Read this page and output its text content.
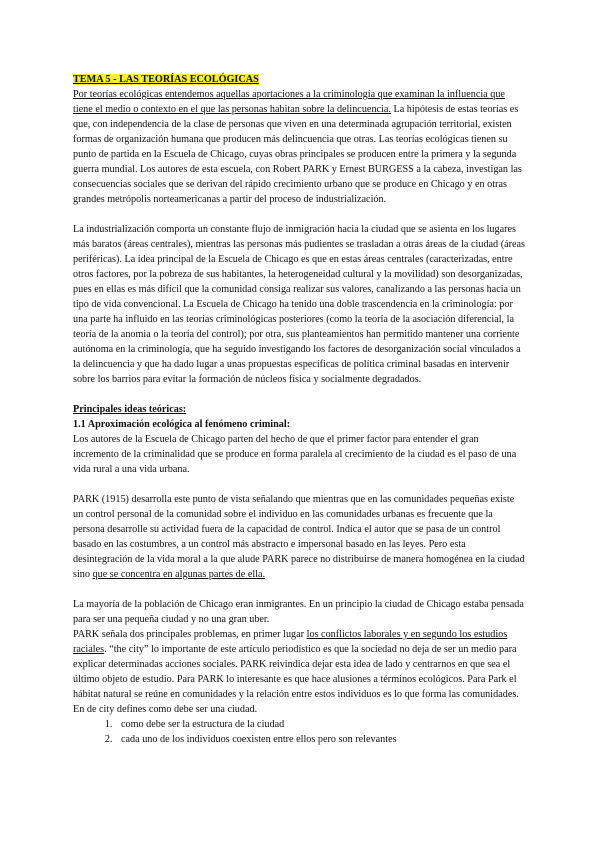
TEMA 5 - LAS TEORÍAS ECOLÓGICAS

Por teorías ecológicas entendemos aquellas aportaciones a la criminología que examinan la influencia que tiene el medio o contexto en el que las personas habitan sobre la delincuencia. La hipótesis de estas teorías es que, con independencia de la clase de personas que viven en una determinada agrupación territorial, existen formas de organización humana que producen más delincuencia que otras. Las teorías ecológicas tienen su punto de partida en la Escuela de Chicago, cuyas obras principales se producen entre la primera y la segunda guerra mundial. Los autores de esta escuela, con Robert PARK y Ernest BURGESS a la cabeza, investigan las consecuencias sociales que se derivan del rápido crecimiento urbano que se produce en Chicago y en otras grandes metrópolis norteamericanas a partir del proceso de industrialización.

La industrialización comporta un constante flujo de inmigración hacia la ciudad que se asienta en los lugares más baratos (áreas centrales), mientras las personas más pudientes se trasladan a otras áreas de la ciudad (áreas periféricas). La idea principal de la Escuela de Chicago es que en estas áreas centrales (caracterizadas, entre otros factores, por la pobreza de sus habitantes, la heterogeneidad cultural y la movilidad) son desorganizadas, pues en ellas es más difícil que la comunidad consiga realizar sus valores, canalizando a las personas hacia un tipo de vida convencional. La Escuela de Chicago ha tenido una doble trascendencia en la criminología: por una parte ha influido en las teorías criminológicas posteriores (como la teoría de la asociación diferencial, la teoría de la anomia o la teoría del control); por otra, sus planteamientos han permitido mantener una corriente autónoma en la criminología, que ha seguido investigando los factores de desorganización social vinculados a la delincuencia y que ha dado lugar a unas propuestas específicas de política criminal basadas en intervenir sobre los barrios para evitar la formación de núcleos física y socialmente degradados.

Principales ideas teóricas:

1.1 Aproximación ecológica al fenómeno criminal:

Los autores de la Escuela de Chicago parten del hecho de que el primer factor para entender el gran incremento de la criminalidad que se produce en forma paralela al crecimiento de la ciudad es el paso de una vida rural a una vida urbana.

PARK (1915) desarrolla este punto de vista señalando que mientras que en las comunidades pequeñas existe un control personal de la comunidad sobre el individuo en las comunidades urbanas es frecuente que la persona desarrolle su actividad fuera de la capacidad de control. Indica el autor que se pasa de un control basado en las costumbres, a un control más abstracto e impersonal basado en las leyes. Pero esta desintegración de la vida moral a la que alude PARK parece no distribuirse de manera homogénea en la ciudad sino que se concentra en algunas partes de ella.

La mayoría de la población de Chicago eran inmigrantes. En un principio la ciudad de Chicago estaba pensada para ser una pequeña ciudad y no una gran uber.

PARK señala dos principales problemas, en primer lugar los conflictos laborales y en segundo los estudios raciales. “the city” lo importante de este artículo periodístico es que la sociedad no deja de ser un medio para explicar determinadas acciones sociales. PARK reivindica dejar esta idea de lado y centrarnos en que sea el último objeto de estudio. Para PARK lo interesante es que hace alusiones a términos ecológicos. Para Park el hábitat natural se reúne en comunidades y la relación entre estos individuos es lo que forma las comunidades. En de city defines como debe ser una ciudad.

1. como debe ser la estructura de la ciudad
2. cada uno de los individuos coexisten entre ellos pero son relevantes
